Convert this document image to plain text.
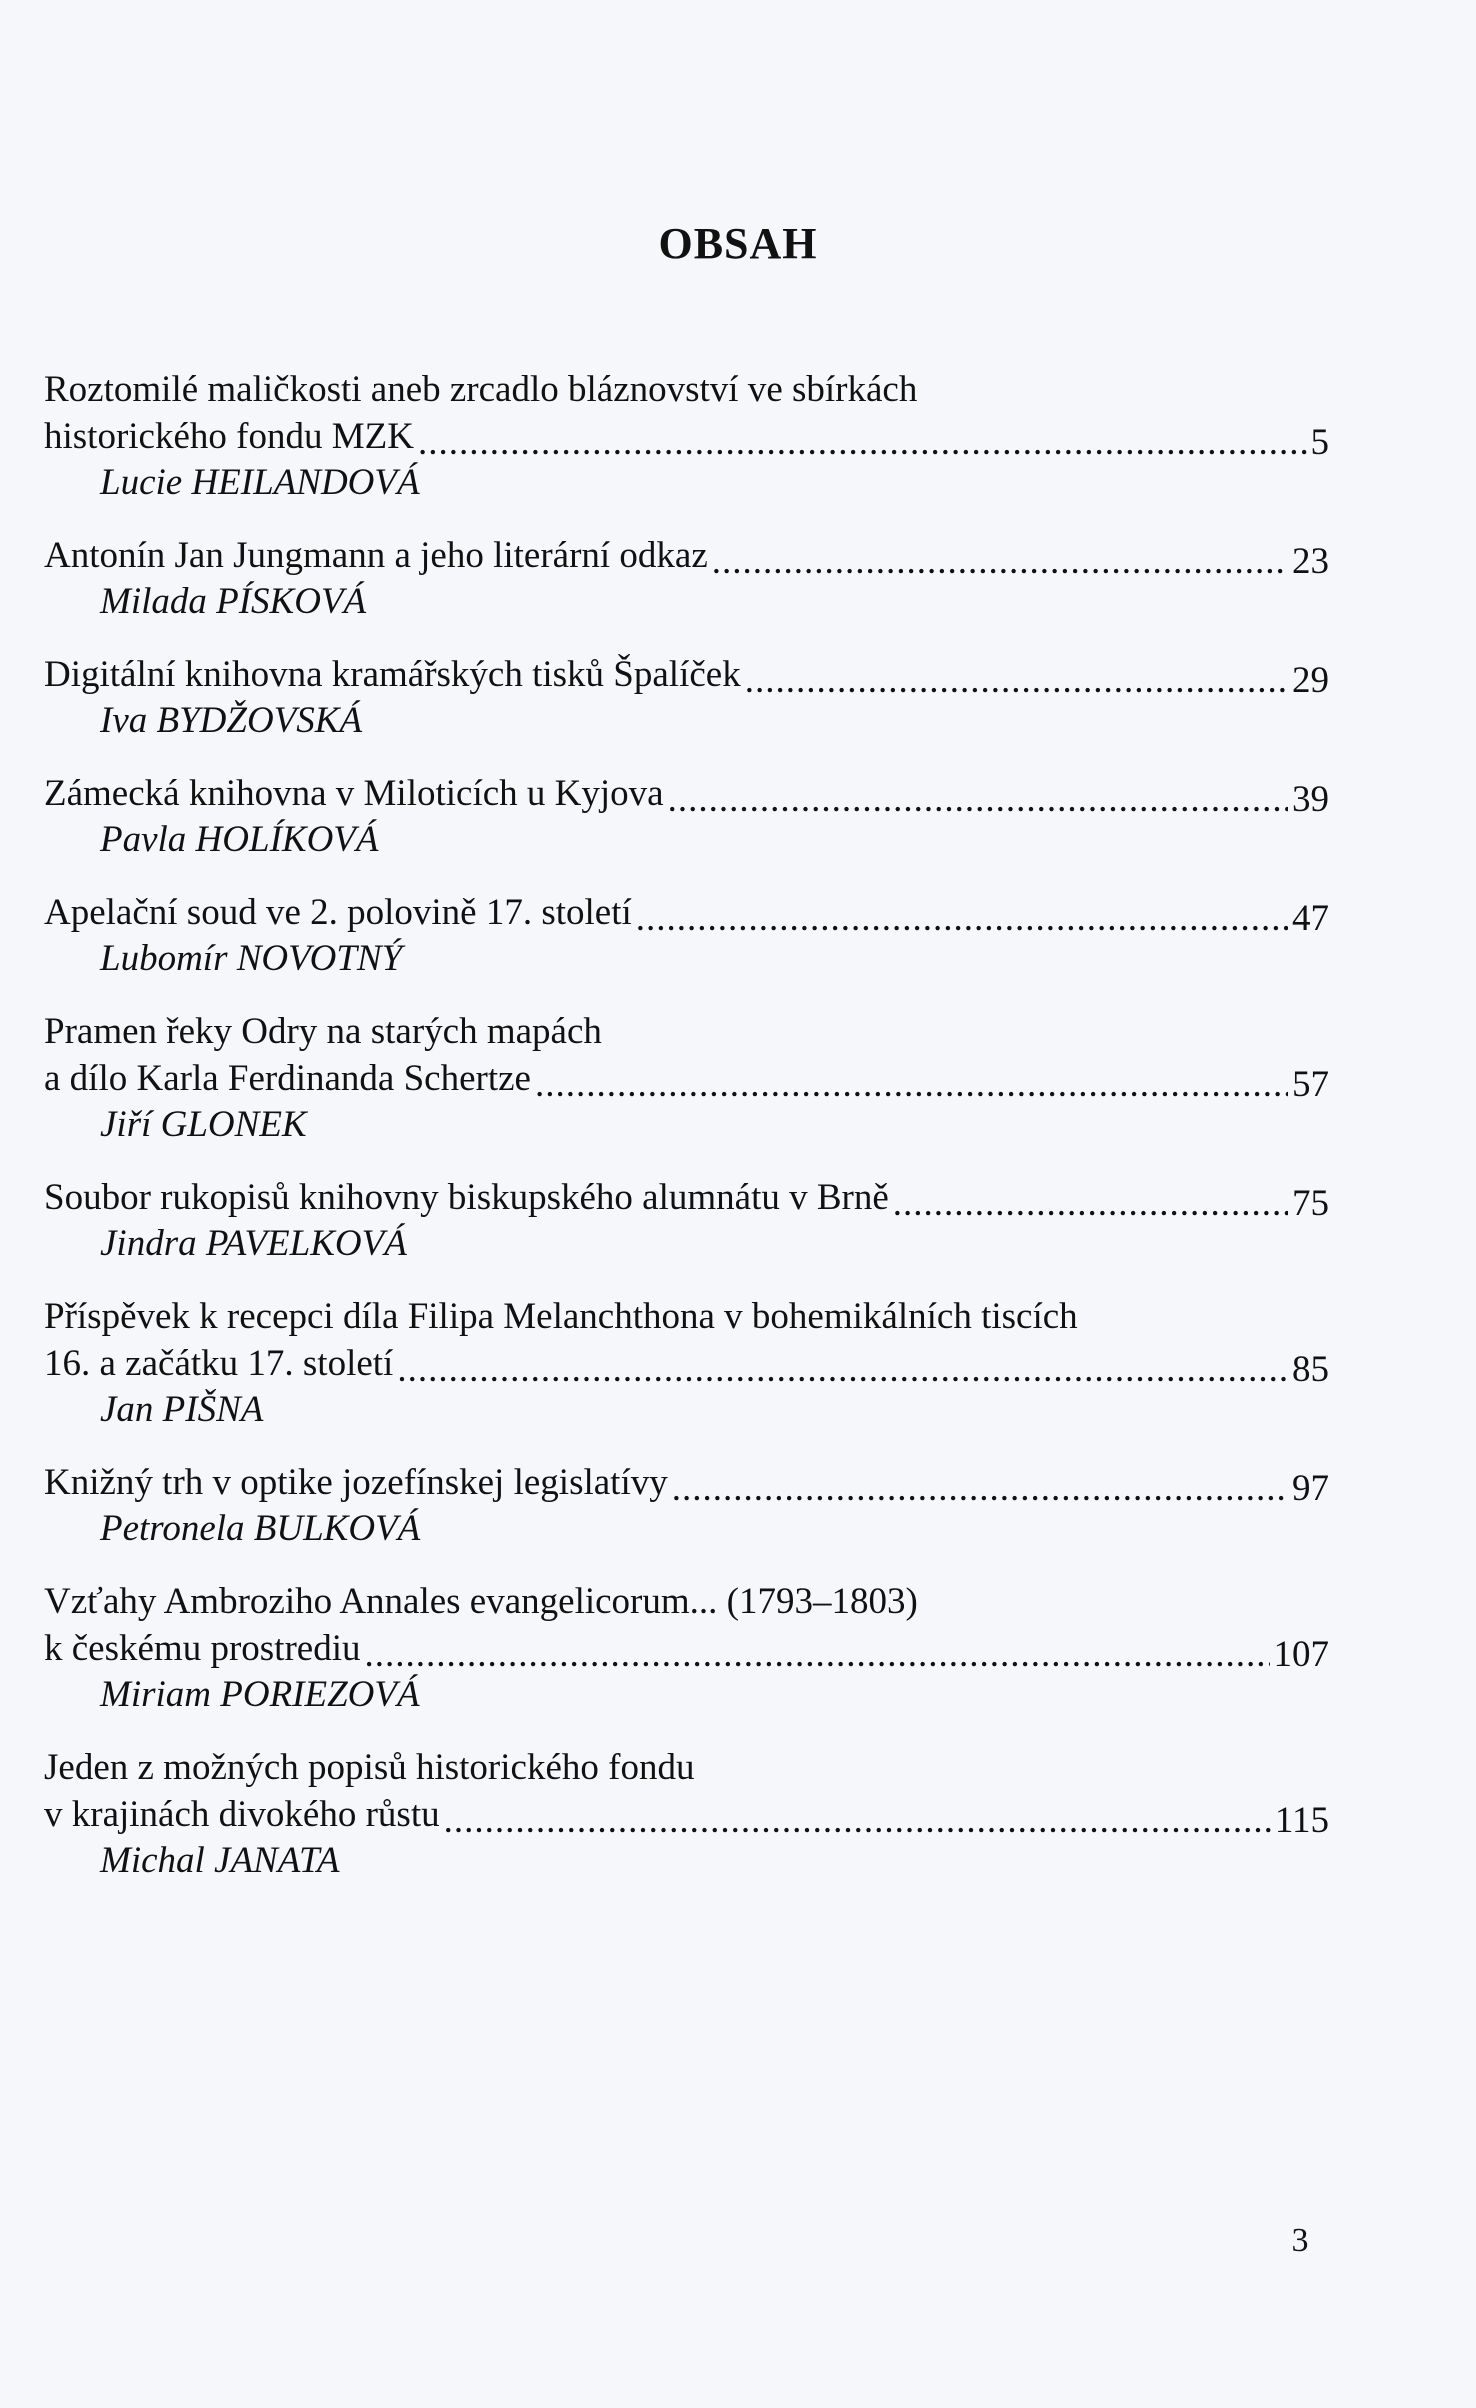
OBSAH
Roztomilé maličkosti aneb zrcadlo bláznovství ve sbírkách
historického fondu MZK .....	5
Lucie HEILANDOVÁ
Antonín Jan Jungmann a jeho literární odkaz .....	23
Milada PÍSKOVÁ
Digitální knihovna kramářských tisků Špalíček .....	29
Iva BYDŽOVSKÁ
Zámecká knihovna v Miloticích u Kyjova .....	39
Pavla HOLÍKOVÁ
Apelační soud ve 2. polovině 17. století .....	47
Lubomír NOVOTNÝ
Pramen řeky Odry na starých mapách
a dílo Karla Ferdinanda Schertze .....	57
Jiří GLONEK
Soubor rukopisů knihovny biskupského alumnátu v Brně .....	75
Jindra PAVELKOVÁ
Příspěvek k recepci díla Filipa Melanchthona v bohemikálních tiscích
16. a začátku 17. století .....	85
Jan PIŠNA
Knižný trh v optike jozefínskej legislatívy .....	97
Petronela BULKOVÁ
Vzťahy Ambroziho Annales evangelicorum... (1793–1803)
k českému prostrediu .....	107
Miriam PORIEZOVÁ
Jeden z možných popisů historického fondu
v krajinách divokého růstu .....	115
Michal JANATA
3
